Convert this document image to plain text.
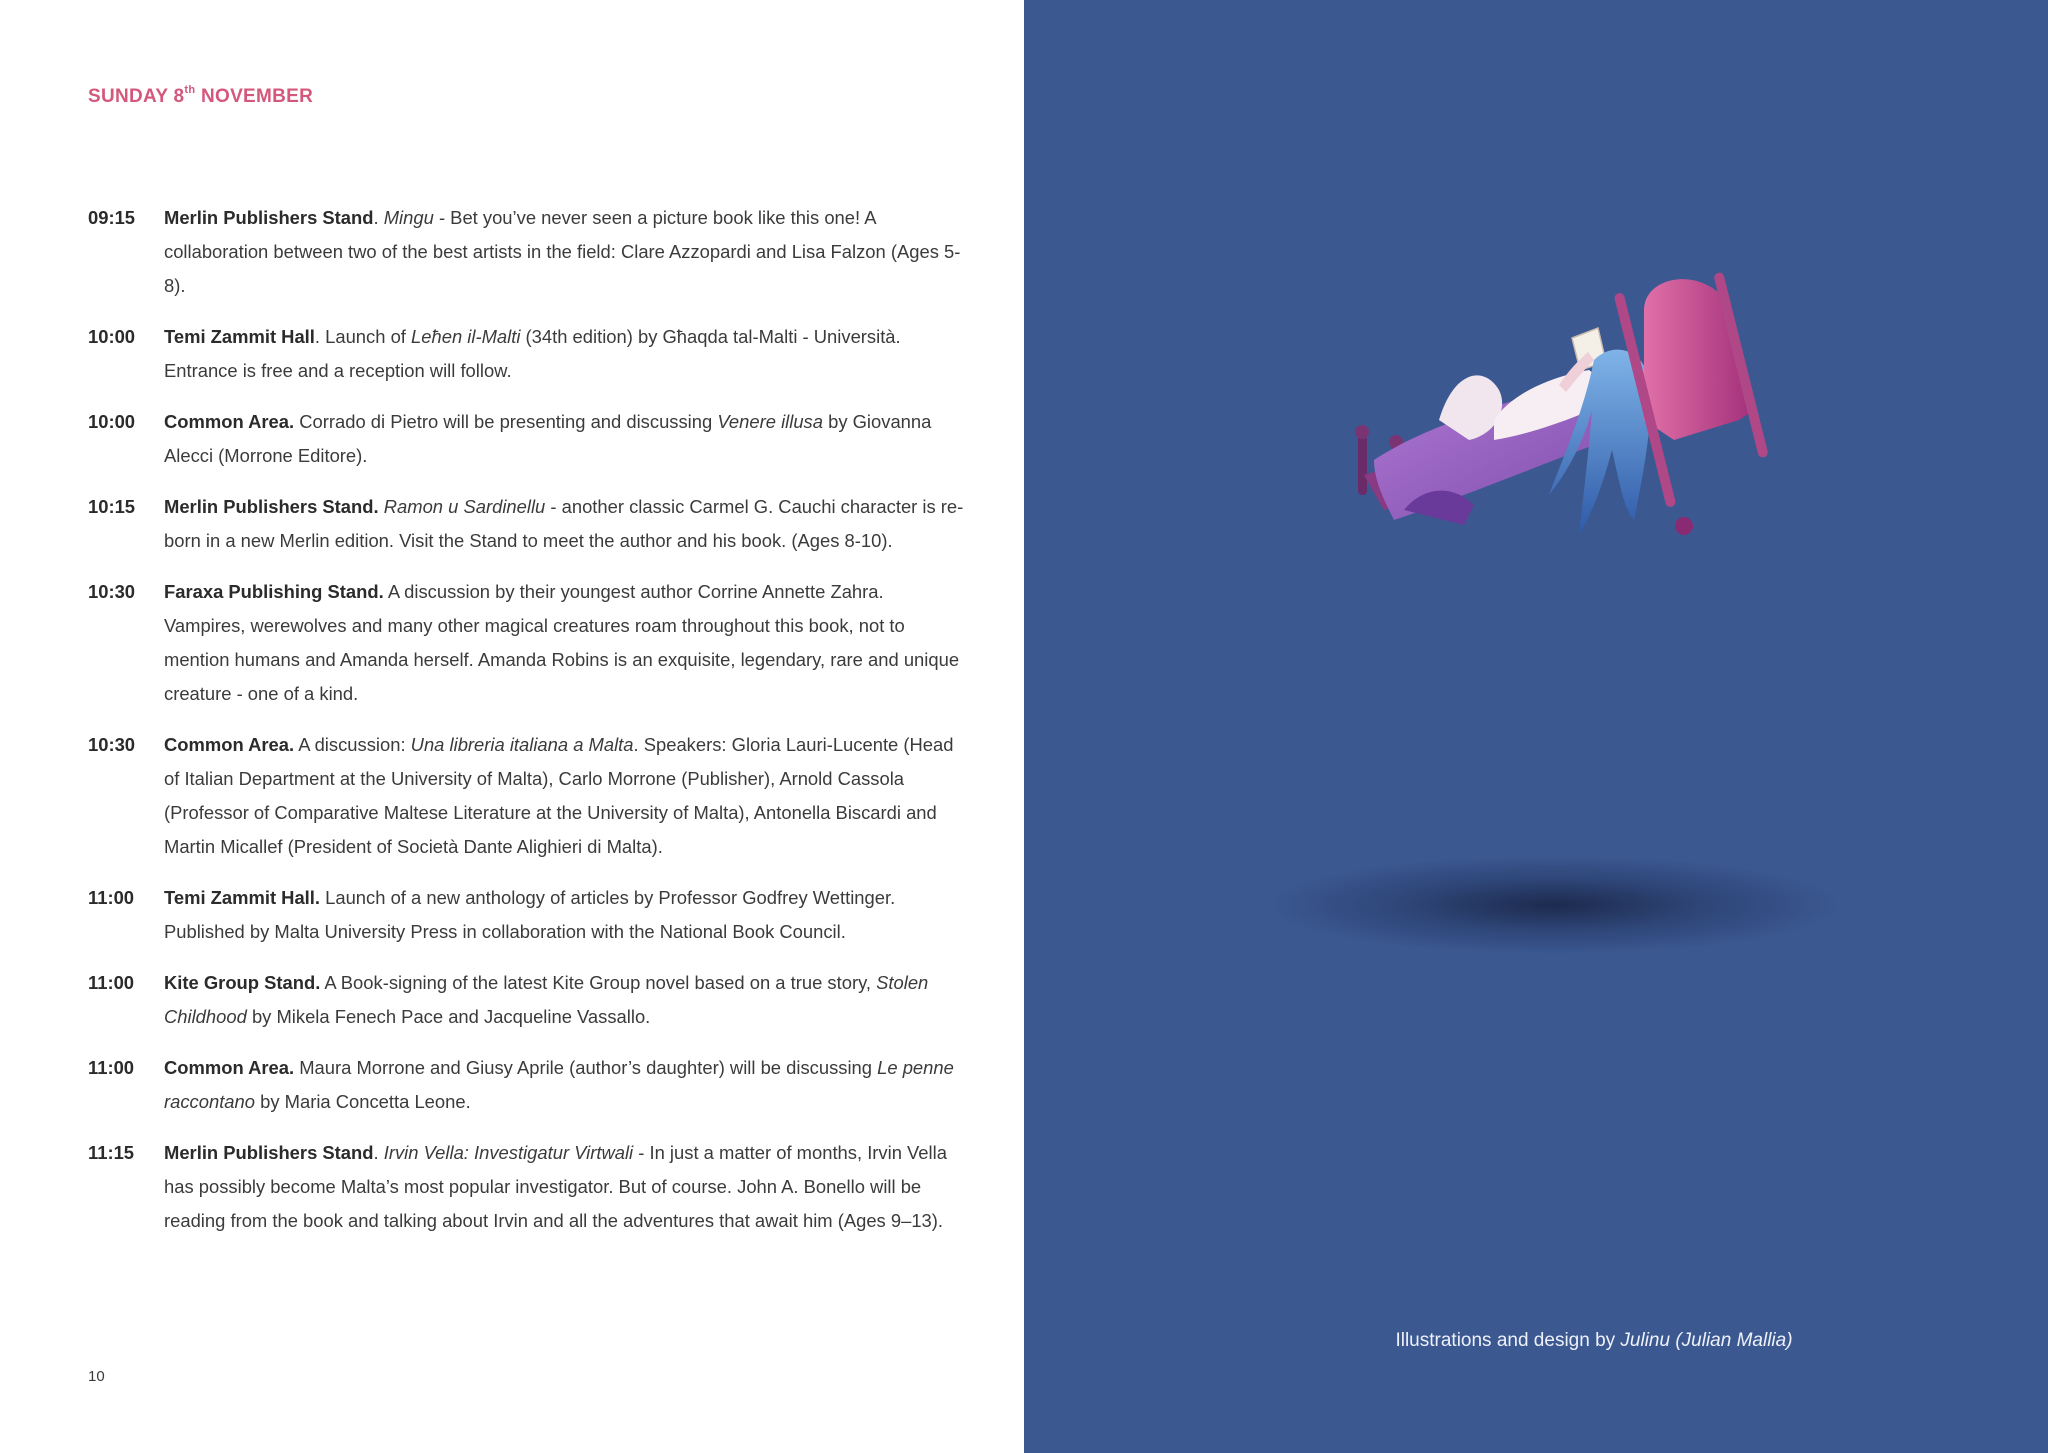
SUNDAY 8th NOVEMBER
09:15	Merlin Publishers Stand. Mingu - Bet you’ve never seen a picture book like this one! A collaboration between two of the best artists in the field: Clare Azzopardi and Lisa Falzon (Ages 5-8).
10:00	Temi Zammit Hall. Launch of Leħen il-Malti (34th edition) by Għaqda tal-Malti - Università. Entrance is free and a reception will follow.
10:00	Common Area. Corrado di Pietro will be presenting and discussing Venere illusa by Giovanna Alecci (Morrone Editore).
10:15	Merlin Publishers Stand. Ramon u Sardinellu - another classic Carmel G. Cauchi character is re-born in a new Merlin edition. Visit the Stand to meet the author and his book. (Ages 8-10).
10:30	Faraxa Publishing Stand. A discussion by their youngest author Corrine Annette Zahra. Vampires, werewolves and many other magical creatures roam throughout this book, not to mention humans and Amanda herself. Amanda Robins is an exquisite, legendary, rare and unique creature - one of a kind.
10:30	Common Area. A discussion: Una libreria italiana a Malta. Speakers: Gloria Lauri-Lucente (Head of Italian Department at the University of Malta), Carlo Morrone (Publisher), Arnold Cassola (Professor of Comparative Maltese Literature at the University of Malta), Antonella Biscardi and Martin Micallef (President of Società Dante Alighieri di Malta).
11:00	Temi Zammit Hall. Launch of a new anthology of articles by Professor Godfrey Wettinger. Published by Malta University Press in collaboration with the National Book Council.
11:00	Kite Group Stand. A Book-signing of the latest Kite Group novel based on a true story, Stolen Childhood by Mikela Fenech Pace and Jacqueline Vassallo.
11:00	Common Area. Maura Morrone and Giusy Aprile (author’s daughter) will be discussing Le penne raccontano by Maria Concetta Leone.
11:15	Merlin Publishers Stand. Irvin Vella: Investigatur Virtwali - In just a matter of months, Irvin Vella has possibly become Malta’s most popular investigator. But of course. John A. Bonello will be reading from the book and talking about Irvin and all the adventures that await him (Ages 9–13).
10
Illustrations and design by Julinu (Julian Mallia)
